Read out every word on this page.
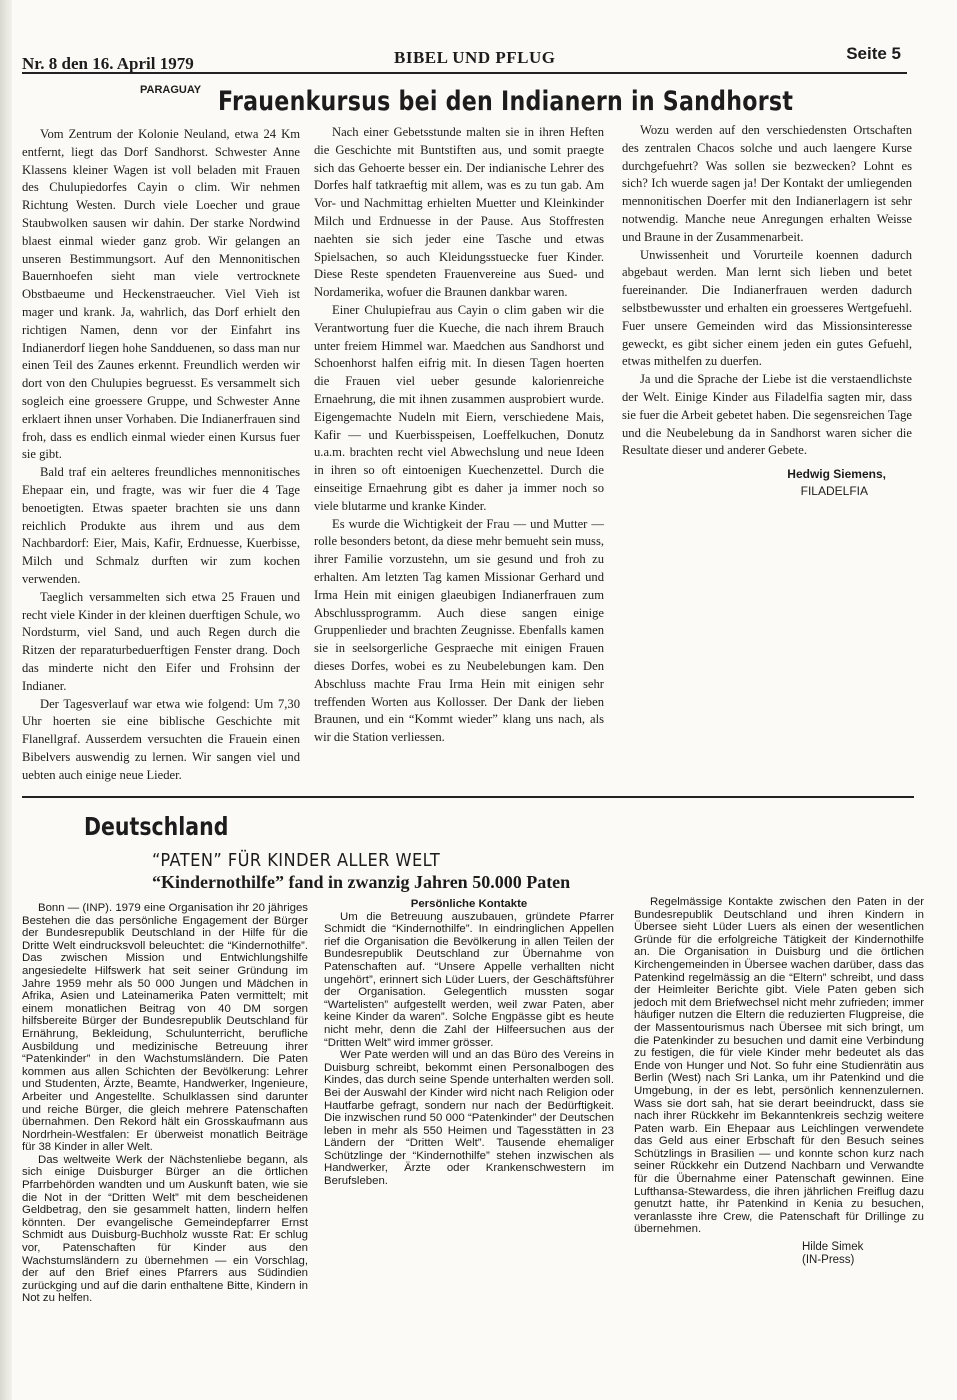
Nr. 8 den 16. April 1979	BIBEL UND PFLUG	Seite 5
PARAGUAY Frauenkursus bei den Indianern in Sandhorst

Vom Zentrum der Kolonie Neuland, etwa 24 Km entfernt, liegt das Dorf Sandhorst. Schwester Anne Klassens kleiner Wagen ist voll beladen mit Frauen des Chulupiedorfes Cayin o clim. Wir nehmen Richtung Westen. Durch viele Loecher und graue Staubwolken sausen wir dahin. Der starke Nordwind blaest einmal wieder ganz grob. Wir gelangen an unseren Bestimmungsort. Auf den Mennonitischen Bauernhoefen sieht man viele vertrocknete Obstbaeume und Heckenstraeucher. Viel Vieh ist mager und krank. Ja, wahrlich, das Dorf erhielt den richtigen Namen, denn vor der Einfahrt ins Indianerdorf liegen hohe Sandduenen, so dass man nur einen Teil des Zaunes erkennt. Freundlich werden wir dort von den Chulupies begruesst. Es versammelt sich sogleich eine groessere Gruppe, und Schwester Anne erklaert ihnen unser Vorhaben. Die Indianerfrauen sind froh, dass es endlich einmal wieder einen Kursus fuer sie gibt.

Bald traf ein aelteres freundliches mennonitisches Ehepaar ein, und fragte, was wir fuer die 4 Tage benoetigten. Etwas spaeter brachten sie uns dann reichlich Produkte aus ihrem und aus dem Nachbardorf: Eier, Mais, Kafir, Erdnuesse, Kuerbisse, Milch und Schmalz durften wir zum kochen verwenden.

Taeglich versammelten sich etwa 25 Frauen und recht viele Kinder in der kleinen duerftigen Schule, wo Nordsturm, viel Sand, und auch Regen durch die Ritzen der reparaturbeduerftigen Fenster drang. Doch das minderte nicht den Eifer und Frohsinn der Indianer.

Der Tagesverlauf war etwa wie folgend: Um 7,30 Uhr hoerten sie eine biblische Geschichte mit Flanellgraf. Ausserdem versuchten die Frauein einen Bibelvers auswendig zu lernen. Wir sangen viel und uebten auch einige neue Lieder.

Nach einer Gebetsstunde malten sie in ihren Heften die Geschichte mit Buntstiften aus, und somit praegte sich das Gehoerte besser ein. Der indianische Lehrer des Dorfes half tatkraeftig mit allem, was es zu tun gab. Am Vor- und Nachmittag erhielten Muetter und Kleinkinder Milch und Erdnuesse in der Pause. Aus Stoffresten naehten sie sich jeder eine Tasche und etwas Spielsachen, so auch Kleidungsstuecke fuer Kinder. Diese Reste spendeten Frauenvereine aus Sued- und Nordamerika, wofuer die Braunen dankbar waren.

Einer Chulupiefrau aus Cayin o clim gaben wir die Verantwortung fuer die Kueche, die nach ihrem Brauch unter freiem Himmel war. Maedchen aus Sandhorst und Schoenhorst halfen eifrig mit. In diesen Tagen hoerten die Frauen viel ueber gesunde kalorienreiche Ernaehrung, die mit ihnen zusammen ausprobiert wurde. Eigengemachte Nudeln mit Eiern, verschiedene Mais, Kafir — und Kuerbisspeisen, Loeffelkuchen, Donutz u.a.m. brachten recht viel Abwechslung und neue Ideen in ihren so oft eintoenigen Kuechenzettel. Durch die einseitige Ernaehrung gibt es daher ja immer noch so viele blutarme und kranke Kinder.

Es wurde die Wichtigkeit der Frau — und Mutter — rolle besonders betont, da diese mehr bemueht sein muss, ihrer Familie vorzustehn, um sie gesund und froh zu erhalten. Am letzten Tag kamen Missionar Gerhard und Irma Hein mit einigen glaeubigen Indianerfrauen zum Abschlussprogramm. Auch diese sangen einige Gruppenlieder und brachten Zeugnisse. Ebenfalls kamen sie in seelsorgerliche Gespraeche mit einigen Frauen dieses Dorfes, wobei es zu Neubelebungen kam. Den Abschluss machte Frau Irma Hein mit einigen sehr treffenden Worten aus Kollosser. Der Dank der lieben Braunen, und ein “Kommt wieder” klang uns nach, als wir die Station verliessen.

Wozu werden auf den verschiedensten Ortschaften des zentralen Chacos solche und auch laengere Kurse durchgefuehrt? Was sollen sie bezwecken? Lohnt es sich? Ich wuerde sagen ja! Der Kontakt der umliegenden mennonitischen Doerfer mit den Indianerlagern ist sehr notwendig. Manche neue Anregungen erhalten Weisse und Braune in der Zusammenarbeit.

Unwissenheit und Vorurteile koennen dadurch abgebaut werden. Man lernt sich lieben und betet fuereinander. Die Indianerfrauen werden dadurch selbstbewusster und erhalten ein groesseres Wertgefuehl. Fuer unsere Gemeinden wird das Missionsinteresse geweckt, es gibt sicher einem jeden ein gutes Gefuehl, etwas mithelfen zu duerfen.

Ja und die Sprache der Liebe ist die verstaendlichste der Welt. Einige Kinder aus Filadelfia sagten mir, dass sie fuer die Arbeit gebetet haben. Die segensreichen Tage und die Neubelebung da in Sandhorst waren sicher die Resultate dieser und anderer Gebete.

Hedwig Siemens,
FILADELFIA
Deutschland
“PATEN” FÜR KINDER ALLER WELT
“Kindernothilfe” fand in zwanzig Jahren 50.000 Paten

Bonn — (INP). 1979 eine Organisation ihr 20 jähriges Bestehen die das persönliche Engagement der Bürger der Bundesrepublik Deutschland in der Hilfe für die Dritte Welt eindrucksvoll beleuchtet: die “Kindernothilfe”. Das zwischen Mission und Entwichlungshilfe angesiedelte Hilfswerk hat seit seiner Gründung im Jahre 1959 mehr als 50 000 Jungen und Mädchen in Afrika, Asien und Lateinamerika Paten vermittelt; mit einem monatlichen Beitrag von 40 DM sorgen hilfsbereite Bürger der Bundesrepublik Deutschland für Ernährung, Bekleidung, Schulunterricht, berufliche Ausbildung und medizinische Betreuung ihrer “Patenkinder” in den Wachstumsländern. Die Paten kommen aus allen Schichten der Bevölkerung: Lehrer und Studenten, Ärzte, Beamte, Handwerker, Ingenieure, Arbeiter und Angestellte. Schulklassen sind darunter und reiche Bürger, die gleich mehrere Patenschaften übernahmen. Den Rekord hält ein Grosskaufmann aus Nordrhein-Westfalen: Er überweist monatlich Beiträge für 38 Kinder in aller Welt.

Das weltweite Werk der Nächstenliebe begann, als sich einige Duisburger Bürger an die örtlichen Pfarrbehörden wandten und um Auskunft baten, wie sie die Not in der “Dritten Welt” mit dem bescheidenen Geldbetrag, den sie gesammelt hatten, lindern helfen könnten. Der evangelische Gemeindepfarrer Ernst Schmidt aus Duisburg-Buchholz wusste Rat: Er schlug vor, Patenschaften für Kinder aus den Wachstumsländern zu übernehmen — ein Vorschlag, der auf den Brief eines Pfarrers aus Südindien zurückging und auf die darin enthaltene Bitte, Kindern in Not zu helfen.

Persönliche Kontakte

Um die Betreuung auszubauen, gründete Pfarrer Schmidt die “Kindernothilfe”. In eindringlichen Appellen rief die Organisation die Bevölkerung in allen Teilen der Bundesrepublik Deutschland zur Übernahme von Patenschaften auf. “Unsere Appelle verhallten nicht ungehört”, erinnert sich Lüder Luers, der Geschäftsführer der Organisation. Gelegentlich mussten sogar “Wartelisten” aufgestellt werden, weil zwar Paten, aber keine Kinder da waren”. Solche Engpässe gibt es heute nicht mehr, denn die Zahl der Hilfeersuchen aus der “Dritten Welt” wird immer grösser.

Wer Pate werden will und an das Büro des Vereins in Duisburg schreibt, bekommt einen Personalbogen des Kindes, das durch seine Spende unterhalten werden soll. Bei der Auswahl der Kinder wird nicht nach Religion oder Hautfarbe gefragt, sondern nur nach der Bedürftigkeit. Die inzwischen rund 50 000 “Patenkinder” der Deutschen leben in mehr als 550 Heimen und Tagesstätten in 23 Ländern der “Dritten Welt”. Tausende ehemaliger Schützlinge der “Kindernothilfe” stehen inzwischen als Handwerker, Ärzte oder Krankenschwestern im Berufsleben.

Regelmässige Kontakte zwischen den Paten in der Bundesrepublik Deutschland und ihren Kindern in Übersee sieht Lüder Luers als einen der wesentlichen Gründe für die erfolgreiche Tätigkeit der Kindernothilfe an. Die Organisation in Duisburg und die örtlichen Kirchengemeinden in Übersee wachen darüber, dass das Patenkind regelmässig an die “Eltern” schreibt, und dass der Heimleiter Berichte gibt. Viele Paten geben sich jedoch mit dem Briefwechsel nicht mehr zufrieden; immer häufiger nutzen die Eltern die reduzierten Flugpreise, die der Massentourismus nach Übersee mit sich bringt, um die Patenkinder zu besuchen und damit eine Verbindung zu festigen, die für viele Kinder mehr bedeutet als das Ende von Hunger und Not. So fuhr eine Studienrätin aus Berlin (West) nach Sri Lanka, um ihr Patenkind und die Umgebung, in der es lebt, persönlich kennenzulernen. Wass sie dort sah, hat sie derart beeindruckt, dass sie nach ihrer Rückkehr im Bekanntenkreis sechzig weitere Paten warb. Ein Ehepaar aus Leichlingen verwendete das Geld aus einer Erbschaft für den Besuch seines Schützlings in Brasilien — und konnte schon kurz nach seiner Rückkehr ein Dutzend Nachbarn und Verwandte für die Übernahme einer Patenschaft gewinnen. Eine Lufthansa-Stewardess, die ihren jährlichen Freiflug dazu genutzt hatte, ihr Patenkind in Kenia zu besuchen, veranlasste ihre Crew, die Patenschaft für Drillinge zu übernehmen.

Hilde Simek
(IN-Press)
